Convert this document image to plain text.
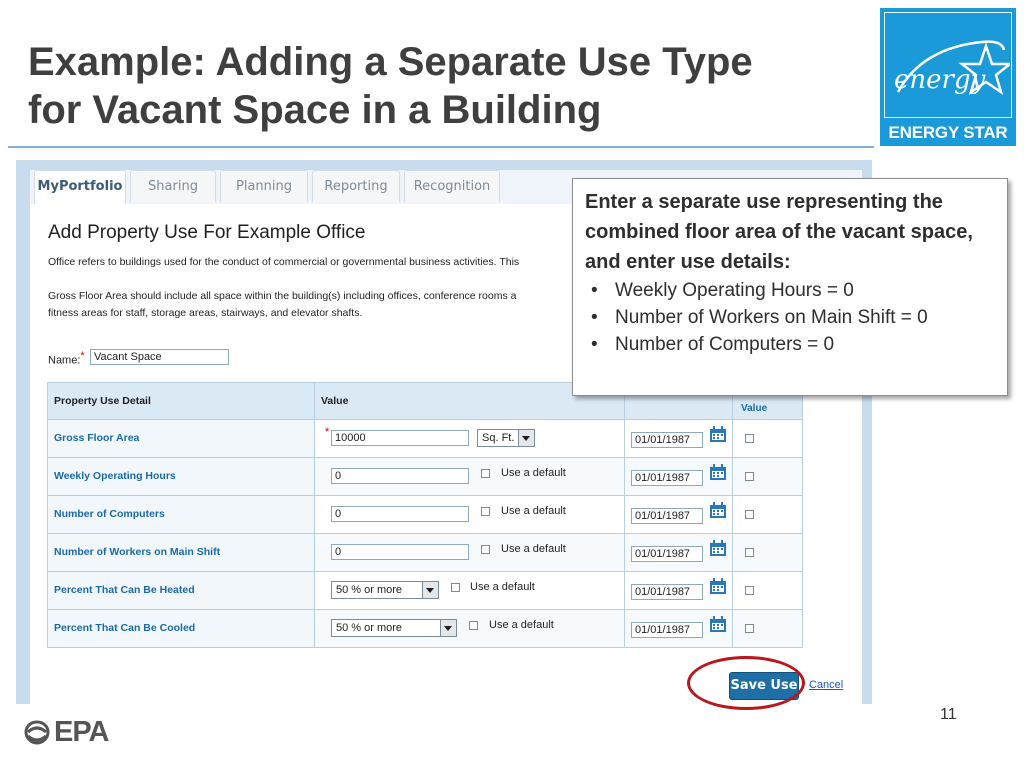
Example: Adding a Separate Use Type
for Vacant Space in a Building
energy
ENERGY STAR
MyPortfolio	Sharing	Planning	Reporting	Recognition
Add Property Use For Example Office
Office refers to buildings used for the conduct of commercial or governmental business activities. This
Gross Floor Area should include all space within the building(s) including offices, conference rooms a
fitness areas for staff, storage areas, stairways, and elevator shafts.
Name:* Vacant Space
Property Use Detail	Value
Value
Gross Floor Area	* 10000	Sq. Ft.	01/01/1987
Weekly Operating Hours	0	Use a default	01/01/1987
Number of Computers	0	Use a default	01/01/1987
Number of Workers on Main Shift	0	Use a default	01/01/1987
Percent That Can Be Heated	50 % or more	Use a default	01/01/1987
Percent That Can Be Cooled	50 % or more	Use a default	01/01/1987
Save Use Cancel
Enter a separate use representing the combined floor area of the vacant space, and enter use details:
• Weekly Operating Hours = 0
• Number of Workers on Main Shift = 0
• Number of Computers = 0
EPA
11
